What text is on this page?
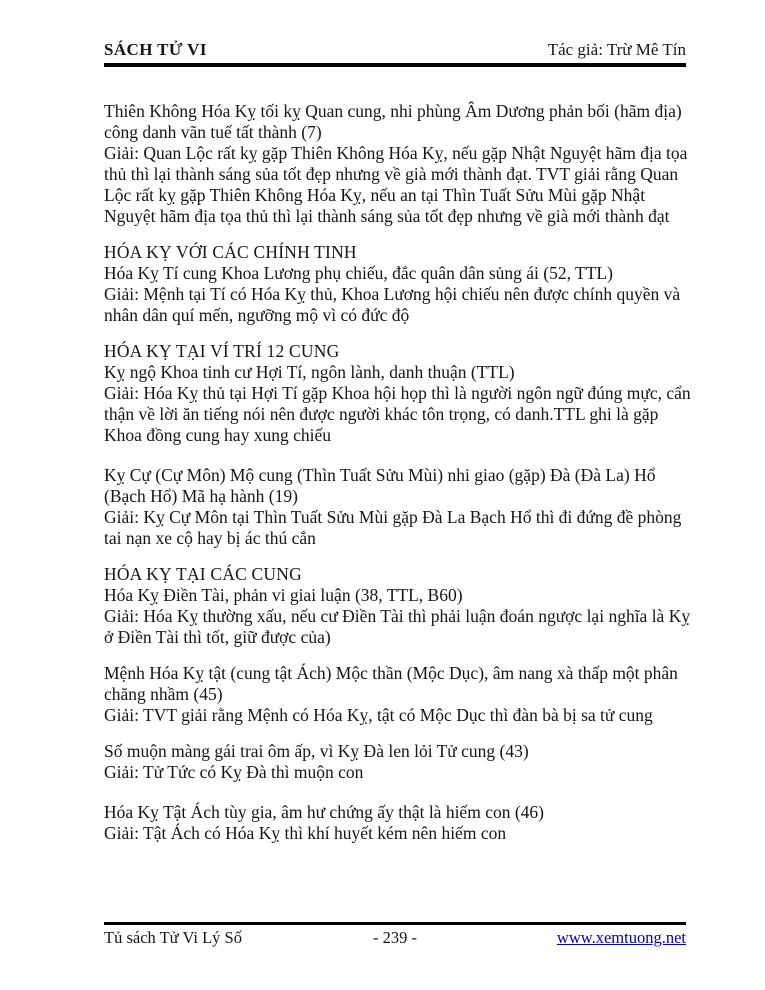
SÁCH TỬ VI	Tác giả: Trừ Mê Tín

Thiên Không Hóa Kỵ tối kỵ Quan cung, nhi phùng Âm Dương phản bối (hãm địa) công danh vãn tuế tất thành (7)

Giải: Quan Lộc rất kỵ gặp Thiên Không Hóa Kỵ, nếu gặp Nhật Nguyệt hãm địa tọa thủ thì lại thành sáng sủa tốt đẹp nhưng về già mới thành đạt. TVT giải rằng Quan Lộc rất kỵ gặp Thiên Không Hóa Kỵ, nếu an tại Thìn Tuất Sửu Mùi gặp Nhật Nguyệt hãm địa tọa thủ thì lại thành sáng sủa tốt đẹp nhưng về già mới thành đạt

HÓA KỴ VỚI CÁC CHÍNH TINH

Hóa Kỵ Tí cung Khoa Lương phụ chiếu, đắc quân dân sủng ái (52, TTL)

Giải: Mệnh tại Tí có Hóa Kỵ thủ, Khoa Lương hội chiếu nên được chính quyền và nhân dân quí mến, ngưỡng mộ vì có đức độ

HÓA KỴ TẠI VÍ TRÍ 12 CUNG

Kỵ ngộ Khoa tinh cư Hợi Tí, ngôn lành, danh thuận (TTL)

Giải: Hóa Kỵ thủ tại Hợi Tí gặp Khoa hội họp thì là người ngôn ngữ đúng mực, cẩn thận về lời ăn tiếng nói nên được người khác tôn trọng, có danh.TTL ghi là gặp Khoa đồng cung hay xung chiếu

Kỵ Cự (Cự Môn) Mộ cung (Thìn Tuất Sửu Mùi) nhi giao (gặp) Đà (Đà La) Hổ (Bạch Hổ) Mã hạ hành (19)

Giải: Kỵ Cự Môn tại Thìn Tuất Sửu Mùi gặp Đà La Bạch Hổ thì đi đứng đề phòng tai nạn xe cộ hay bị ác thú cắn

HÓA KỴ TẠI CÁC CUNG

Hóa Kỵ Điền Tài, phản vi giai luận (38, TTL, B60)

Giải: Hóa Kỵ thường xấu, nếu cư Điền Tài thì phải luận đoán ngược lại nghĩa là Kỵ ở Điền Tài thì tốt, giữ được của)

Mệnh Hóa Kỵ tật (cung tật Ách) Mộc thần (Mộc Dục), âm nang xà thấp một phân chăng nhầm (45)

Giải: TVT giải rằng Mệnh có Hóa Kỵ, tật có Mộc Dục thì đàn bà bị sa tử cung

Số muộn màng gái trai ôm ấp, vì Kỵ Đà len lỏi Tử cung (43)

Giải: Tử Tức có Kỵ Đà thì muộn con

Hóa Kỵ Tật Ách tùy gia, âm hư chứng ấy thật là hiếm con (46)

Giải: Tật Ách có Hóa Kỵ thì khí huyết kém nên hiếm con

Tủ sách Tử Vi Lý Số	- 239 -	www.xemtuong.net
